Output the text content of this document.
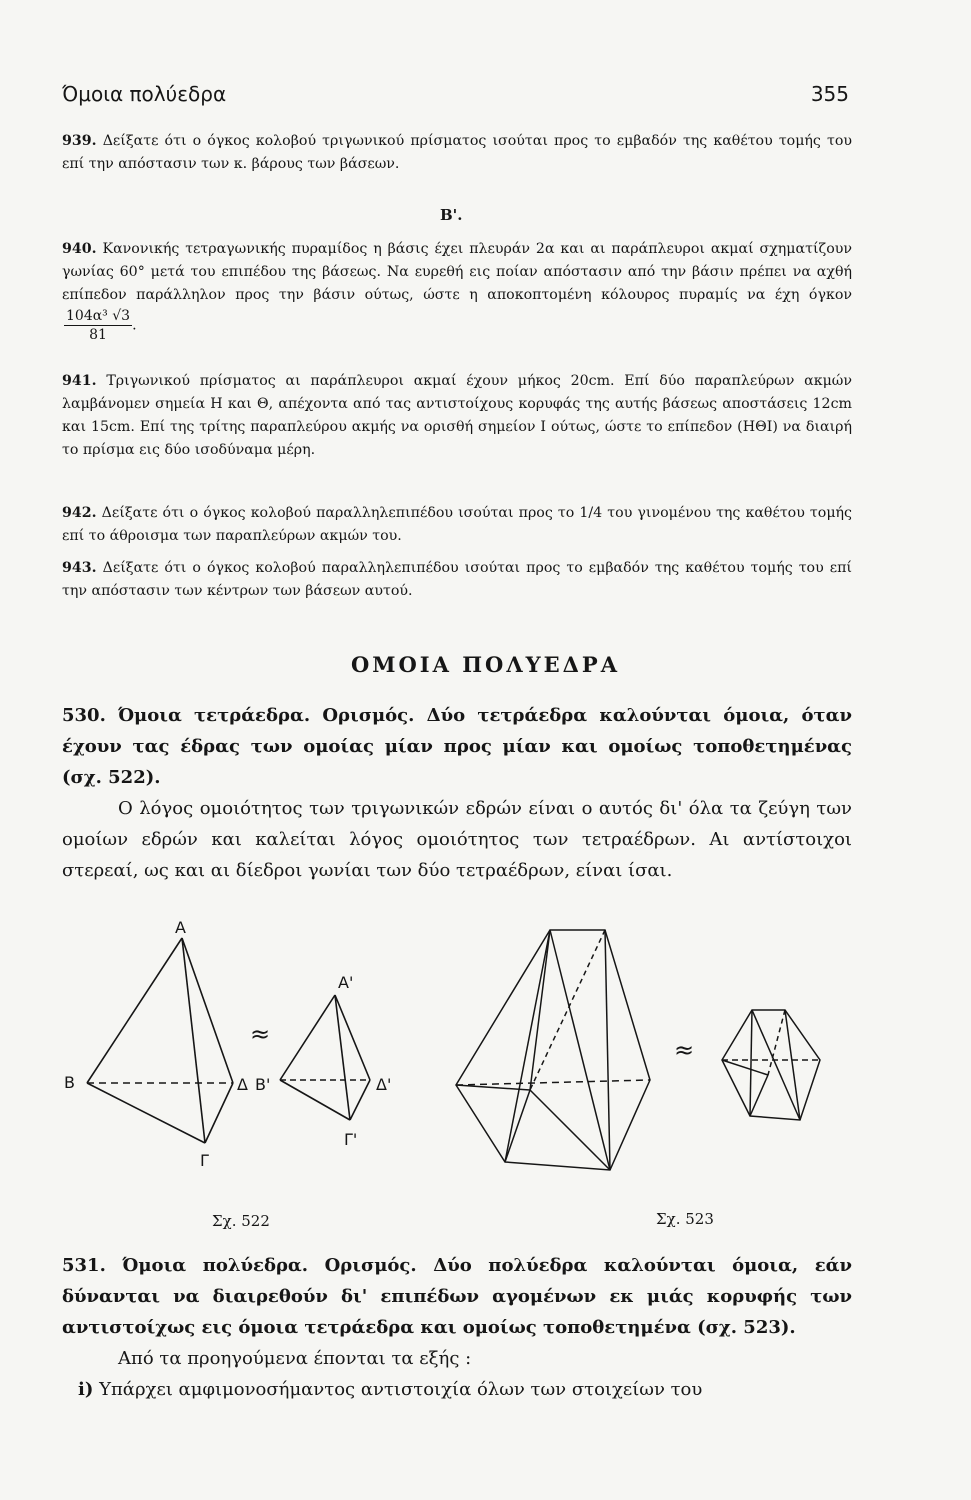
Όμοια πολύεδρα	355

939. Δείξατε ότι ο όγκος κολοβού τριγωνικού πρίσματος ισούται προς το εμβαδόν της καθέτου τομής του επί την απόστασιν των κ. βάρους των βάσεων.

Β'.

940. Κανονικής τετραγωνικής πυραμίδος η βάσις έχει πλευράν 2α και αι παράπλευροι ακμαί σχηματίζουν γωνίας 60° μετά του επιπέδου της βάσεως. Να ευρεθή εις ποίαν απόστασιν από την βάσιν πρέπει να αχθή επίπεδον παράλληλον προς την βάσιν ούτως, ώστε η αποκοπτομένη κόλουρος πυραμίς να έχη όγκον
$\frac{\text{104α³ √3}}{81}$ .

941. Τριγωνικού πρίσματος αι παράπλευροι ακμαί έχουν μήκος 20cm. Επί δύο παραπλεύρων ακμών λαμβάνομεν σημεία Η και Θ, απέχοντα από τας αντιστοίχους κορυφάς της αυτής βάσεως αποστάσεις 12cm και 15cm. Επί της τρίτης παραπλεύρου ακμής να ορισθή σημείον Ι ούτως, ώστε το επίπεδον (ΗΘΙ) να διαιρή το πρίσμα εις δύο ισοδύναμα μέρη.

942. Δείξατε ότι ο όγκος κολοβού παραλληλεπιπέδου ισούται προς το 1/4 του γινομένου της καθέτου τομής επί το άθροισμα των παραπλεύρων ακμών του.

943. Δείξατε ότι ο όγκος κολοβού παραλληλεπιπέδου ισούται προς το εμβαδόν της καθέτου τομής του επί την απόστασιν των κέντρων των βάσεων αυτού.

ΟΜΟΙΑ ΠΟΛΥΕΔΡΑ

530. Όμοια τετράεδρα. Ορισμός. Δύο τετράεδρα καλούνται όμοια, όταν έχουν τας έδρας των ομοίας μίαν προς μίαν και ομοίως τοποθετημένας (σχ. 522).

Ο λόγος ομοιότητος των τριγωνικών εδρών είναι ο αυτός δι' όλα τα ζεύγη των ομοίων εδρών και καλείται λόγος ομοιότητος των τετραέδρων. Αι αντίστοιχοι στερεαί, ως και αι δίεδροι γωνίαι των δύο τετραέδρων, είναι ίσαι.

Α
Β
Γ
Δ
Α'
Β'
Γ'
Δ'
≈
≈
Σχ. 522	Σχ. 523

531. Όμοια πολύεδρα. Ορισμός. Δύο πολύεδρα καλούνται όμοια, εάν δύνανται να διαιρεθούν δι' επιπέδων αγομένων εκ μιάς κορυφής των αντιστοίχως εις όμοια τετράεδρα και ομοίως τοποθετημένα (σχ. 523).

Από τα προηγούμενα έπονται τα εξής :

i) Υπάρχει αμφιμονοσήμαντος αντιστοιχία όλων των στοιχείων του
